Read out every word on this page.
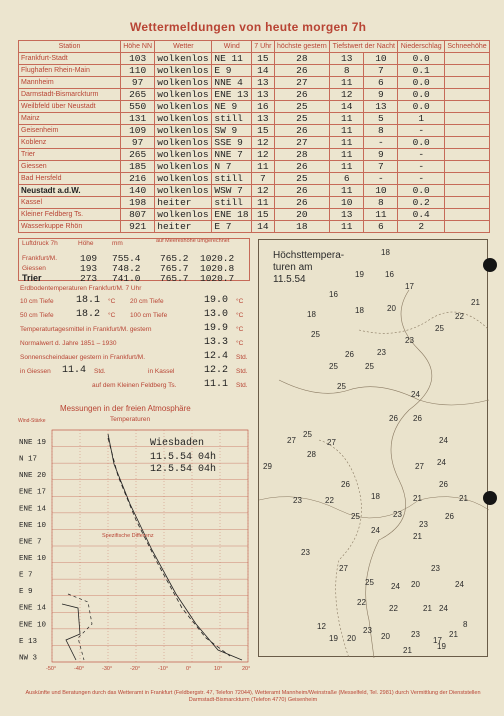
Wettermeldungen von heute morgen 7h
Station	Höhe NN	Wetter	Wind	7 Uhr	höchste gestern	Tiefstwert der Nacht		Niederschlag	Schneehöhe
Frankfurt-Stadt	103	wolkenlos	NE 11	15	28	13	10	0.0	
Flughafen Rhein-Main	110	wolkenlos	E 9	14	26	8	7	0.1	
Mannheim	97	wolkenlos	NNE 4	13	27	11	6	0.0	
Darmstadt-Bismarckturm	265	wolkenlos	ENE 13	13	26	12	9	0.0	
Weilbfeld über Neustadt	550	wolkenlos	NE 9	16	25	14	13	0.0	
Mainz	131	wolkenlos	still	13	25	11	5	1	
Geisenheim	109	wolkenlos	SW 9	15	26	11	8	-	
Koblenz	97	wolkenlos	SSE 9	12	27	11	-	0.0	
Trier	265	wolkenlos	NNE 7	12	28	11	9	-	
Giessen	185	wolkenlos	N 7	11	26	11	7	-	
Bad Hersfeld	216	wolkenlos	still	7	25	6	-	-	
Neustadt a.d.W.	140	wolkenlos	WSW 7	12	26	11	10	0.0	
Kassel	198	heiter	still	11	26	10	8	0.2	
Kleiner Feldberg Ts.	807	wolkenlos	ENE 18	15	20	13	11	0.4	
Wasserkuppe Rhön	921	heiter	E 7	14	18	11	6	2	
Luftdruck 7h	Höhe	mm	auf Meereshöhe umgerechnet
Frankfurt/M. 109 755.4 765.2 1020.2
Giessen	193 748.2 765.7 1020.8
Trier	273 741.0 765.7 1020.7
Erdbodentemperaturen Frankfurt/M. 7 Uhr
10 cm Tiefe 18.1 °C 20 cm Tiefe	19.0 °C
50 cm Tiefe 18.2 °C 100 cm Tiefe	13.0 °C
Temperaturtagesmittel in Frankfurt/M. gestern	19.9 °C
Normalwert d. Jahre 1851 – 1930	13.3 °C
Sonnenscheindauer gestern in Frankfurt/M.	12.4 Std.
in Giessen 11.4 Std.	in Kassel	12.2 Std.
auf dem Kleinen Feldberg Ts.	11.1 Std.
Messungen in der freien Atmosphäre
Temperaturen
Wind-Stärke
-50°	-40°	-30°	-20°	-10°	0°	10°	20°
NNE 19
N 17
NNE 20
ENE 17
ENE 14
ENE 10
ENE 7
ENE 10
E 7
E 9
ENE 14
ENE 10
E 13
NW 3
Wiesbaden
11.5.54 04h
12.5.54 04h
Spezifische Differenz
Höchsttempera-
turen am
11.5.54
18
19	16
17
16
20
18
21
18	22
25
25
23
23
26
25	25
25
24
26 26
25
27
28
27	24
24
27
29
26	26
18	21	21
23	22
23
25	26
24
21
23
23
27	23
25	20
24	24
22
23
20
19
12
22	21 24
23
20	17
21
19
21
8
Auskünfte und Beratungen durch das Wetteramt in Frankfurt (Feldbergstr. 47, Telefon 72044), Wetteramt Mannheim/Weinstraße (Messelfeld, Tel. 2981) durch Vermittlung der Dienststellen Darmstadt-Bismarckturm (Telefon 4770) Geisenheim
